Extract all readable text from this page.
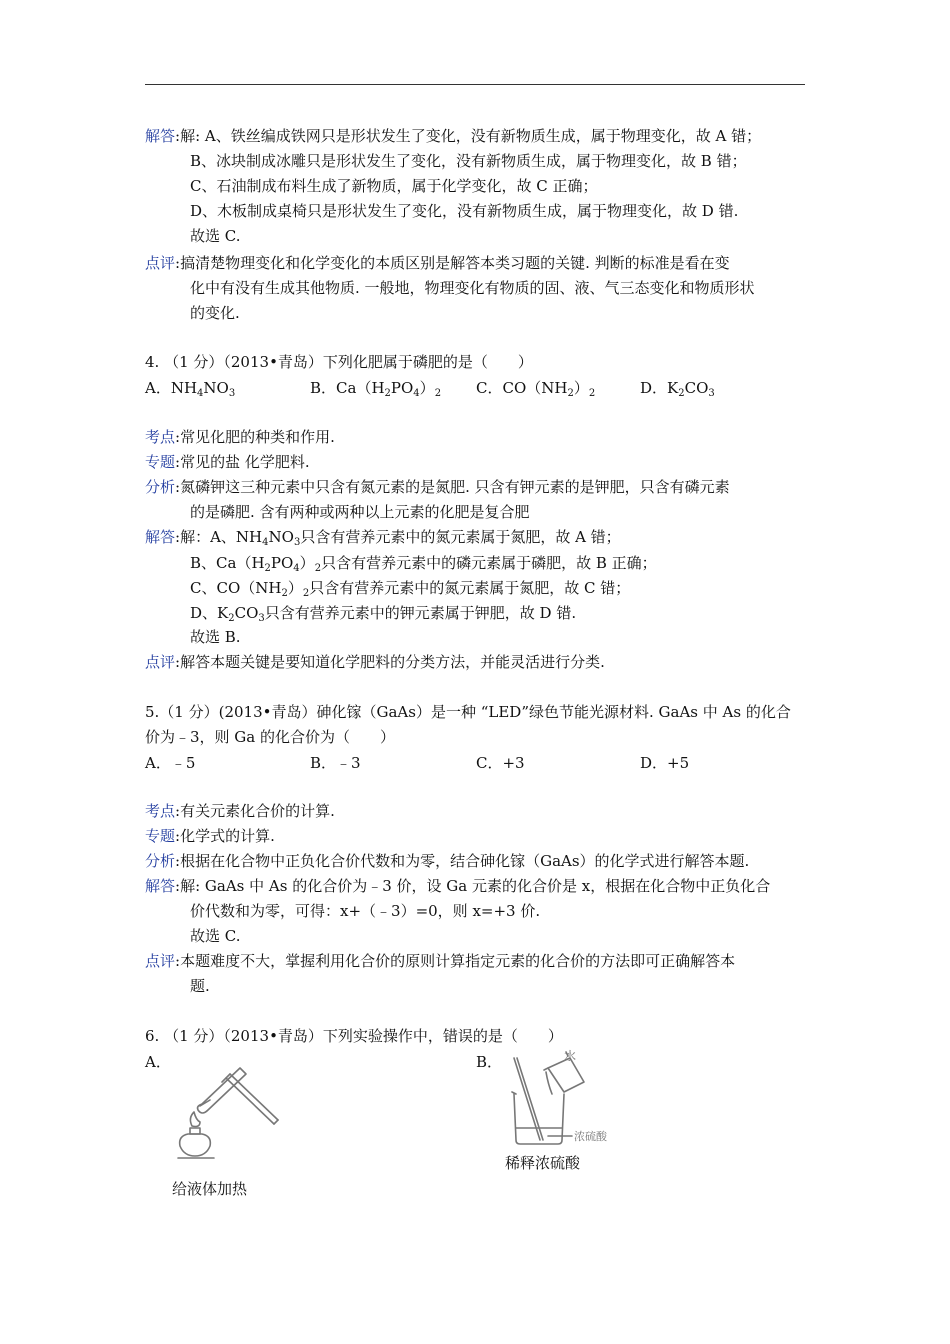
解答:解: A、铁丝编成铁网只是形状发生了变化，没有新物质生成，属于物理变化，故 A 错；
B、冰块制成冰雕只是形状发生了变化，没有新物质生成，属于物理变化，故 B 错；
C、石油制成布料生成了新物质，属于化学变化，故 C 正确；
D、木板制成桌椅只是形状发生了变化，没有新物质生成，属于物理变化，故 D 错.
故选 C.
点评:搞清楚物理变化和化学变化的本质区别是解答本类习题的关键. 判断的标准是看在变
化中有没有生成其他物质. 一般地，物理变化有物质的固、液、气三态变化和物质形状
的变化.
4. （1 分）（2013•青岛）下列化肥属于磷肥的是（　　）
A．$NH_4NO_3$	B．$Ca(H_2PO_4)_2$ C．$CO(NH_2)_2$	D．$K_2CO_3$
考点:常见化肥的种类和作用.
专题:常见的盐 化学肥料.
分析:氮磷钾这三种元素中只含有氮元素的是氮肥. 只含有钾元素的是钾肥，只含有磷元素
的是磷肥. 含有两种或两种以上元素的化肥是复合肥
解答:解：A、$NH_4NO_3$只含有营养元素中的氮元素属于氮肥，故 A 错；
B、$Ca(H_2PO_4)_2$只含有营养元素中的磷元素属于磷肥，故 B 正确；
C、$CO(NH_2)_2$只含有营养元素中的氮元素属于氮肥，故 C 错；
D、$K_2CO_3$只含有营养元素中的钾元素属于钾肥，故 D 错.
故选 B.
点评:解答本题关键是要知道化学肥料的分类方法，并能灵活进行分类.
5.（1 分）(2013•青岛）砷化镓（GaAs）是一种 “LED”绿色节能光源材料. GaAs 中 As 的化合
价为﹣3，则 Ga 的化合价为（　　）
A．﹣5	B．﹣3	C．+3	D．+5
考点:有关元素化合价的计算.
专题:化学式的计算.
分析:根据在化合物中正负化合价代数和为零，结合砷化镓（GaAs）的化学式进行解答本题.
解答:解: GaAs 中 As 的化合价为﹣3 价，设 Ga 元素的化合价是 x，根据在化合物中正负化合
价代数和为零，可得：x+（﹣3）=0，则 x=+3 价.
故选 C.
点评:本题难度不大，掌握利用化合价的原则计算指定元素的化合价的方法即可正确解答本
题.
6. （1 分）（2013•青岛）下列实验操作中，错误的是（　　）
A．	B．
给液体加热
水
浓硫酸
稀释浓硫酸
